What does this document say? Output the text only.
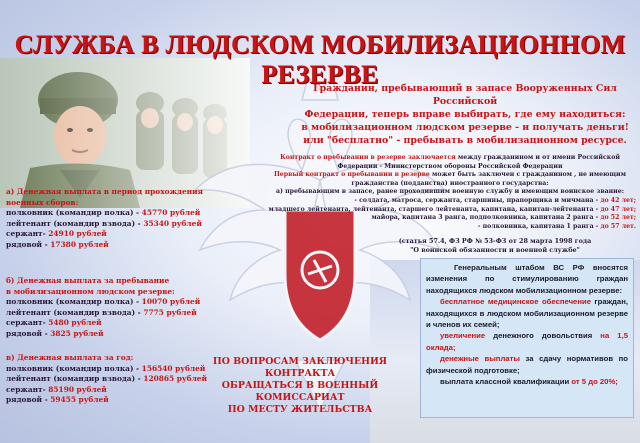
СЛУЖБА В ЛЮДСКОМ МОБИЛИЗАЦИОННОМ РЕЗЕРВЕ
Гражданин, пребывающий в запасе Вооруженных Сил Российской
Федерации, теперь вправе выбирать, где ему находиться:
в мобилизационном людском резерве - и получать деньги!
или "бесплатно" - пребывать в мобилизационном ресурсе.
Контракт о пребывании в резерве заключается между гражданином и от имени Российской
Федерации - Министерством обороны Российской Федерации
Первый контракт о пребывании в резерве может быть заключен с гражданином , не имеющим
гражданства (подданства) иностранного государства:
а) пребывающим в запасе, ранее проходившим военную службу и имеющим воинское звание:
- солдата, матроса, сержанта, старшины, прапорщика и мичмана - до 42 лет;
младшего лейтенанта, лейтенанта, старшего лейтенанта, капитана, капитан-лейтенанта - до 47 лет;
майора, капитана 3 ранга, подполковника, капитана 2 ранга - до 52 лет;
- полковника, капитана 1 ранга - до 57 лет.
(статья 57.4, ФЗ РФ № 53-ФЗ от 28 марта 1998 года
"О воинской обязанности и военной службе"
а) Денежная выплата в период прохождения
военных сборов:
полковник (командир полка) - 45770 рублей
лейтенант (командир взвода) - 35340 рублей
сержант- 24910 рублей
рядовой - 17380 рублей
б) Денежная выплата за пребывание
в мобилизационном людском резерве:
полковник (командир полка) - 10070 рублей
лейтенант (командир взвода) - 7775 рублей
сержант- 5480 рублей
рядовой - 3825 рублей
в) Денежная выплата за год:
полковник (командир полка) - 156540 рублей
лейтенант (командир взвода) - 120865 рублей
сержант- 85190 рублей
рядовой - 59455 рублей
ПО ВОПРОСАМ ЗАКЛЮЧЕНИЯ КОНТРАКТА
ОБРАЩАТЬСЯ В ВОЕННЫЙ
КОМИССАРИАТ
ПО МЕСТУ ЖИТЕЛЬСТВА
Генеральным штабом ВС РФ вносятся изменения по стимулированию граждан находящихся людском мобилизационном резерве:

бесплатное медицинское обеспечение граждан, находящихся в людском мобилизационном резерве и членов их семей;

увеличение денежного довольствия на 1,5 оклада;

денежные выплаты за сдачу нормативов по физической подготовке;

выплата классной квалификации от 5 до 20%;
